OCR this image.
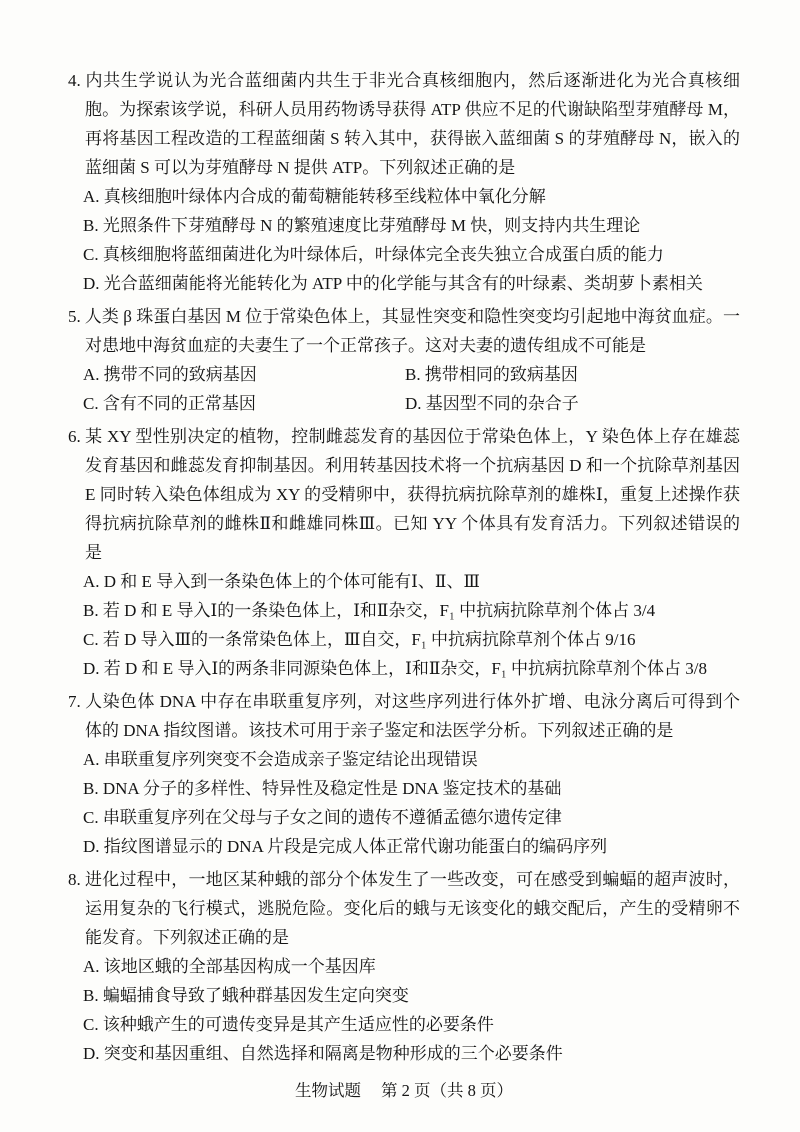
4. 内共生学说认为光合蓝细菌内共生于非光合真核细胞内，然后逐渐进化为光合真核细胞。为探索该学说，科研人员用药物诱导获得 ATP 供应不足的代谢缺陷型芽殖酵母 M，再将基因工程改造的工程蓝细菌 S 转入其中，获得嵌入蓝细菌 S 的芽殖酵母 N，嵌入的蓝细菌 S 可以为芽殖酵母 N 提供 ATP。下列叙述正确的是

A. 真核细胞叶绿体内合成的葡萄糖能转移至线粒体中氧化分解

B. 光照条件下芽殖酵母 N 的繁殖速度比芽殖酵母 M 快，则支持内共生理论

C. 真核细胞将蓝细菌进化为叶绿体后，叶绿体完全丧失独立合成蛋白质的能力

D. 光合蓝细菌能将光能转化为 ATP 中的化学能与其含有的叶绿素、类胡萝卜素相关

5. 人类 β 珠蛋白基因 M 位于常染色体上，其显性突变和隐性突变均引起地中海贫血症。一对患地中海贫血症的夫妻生了一个正常孩子。这对夫妻的遗传组成不可能是

A. 携带不同的致病基因	B. 携带相同的致病基因

C. 含有不同的正常基因	D. 基因型不同的杂合子

6. 某 XY 型性别决定的植物，控制雌蕊发育的基因位于常染色体上，Y 染色体上存在雄蕊发育基因和雌蕊发育抑制基因。利用转基因技术将一个抗病基因 D 和一个抗除草剂基因 E 同时转入染色体组成为 XY 的受精卵中，获得抗病抗除草剂的雄株Ⅰ，重复上述操作获得抗病抗除草剂的雌株Ⅱ和雌雄同株Ⅲ。已知 YY 个体具有发育活力。下列叙述错误的是

A. D 和 E 导入到一条染色体上的个体可能有Ⅰ、Ⅱ、Ⅲ

B. 若 D 和 E 导入Ⅰ的一条染色体上，Ⅰ和Ⅱ杂交，F₁ 中抗病抗除草剂个体占 3/4

C. 若 D 导入Ⅲ的一条常染色体上，Ⅲ自交，F₁ 中抗病抗除草剂个体占 9/16

D. 若 D 和 E 导入Ⅰ的两条非同源染色体上，Ⅰ和Ⅱ杂交，F₁ 中抗病抗除草剂个体占 3/8

7. 人染色体 DNA 中存在串联重复序列，对这些序列进行体外扩增、电泳分离后可得到个体的 DNA 指纹图谱。该技术可用于亲子鉴定和法医学分析。下列叙述正确的是

A. 串联重复序列突变不会造成亲子鉴定结论出现错误

B. DNA 分子的多样性、特异性及稳定性是 DNA 鉴定技术的基础

C. 串联重复序列在父母与子女之间的遗传不遵循孟德尔遗传定律

D. 指纹图谱显示的 DNA 片段是完成人体正常代谢功能蛋白的编码序列

8. 进化过程中，一地区某种蛾的部分个体发生了一些改变，可在感受到蝙蝠的超声波时，运用复杂的飞行模式，逃脱危险。变化后的蛾与无该变化的蛾交配后，产生的受精卵不能发育。下列叙述正确的是

A. 该地区蛾的全部基因构成一个基因库

B. 蝙蝠捕食导致了蛾种群基因发生定向突变

C. 该种蛾产生的可遗传变异是其产生适应性的必要条件

D. 突变和基因重组、自然选择和隔离是物种形成的三个必要条件

生物试题 第 2 页（共 8 页）
